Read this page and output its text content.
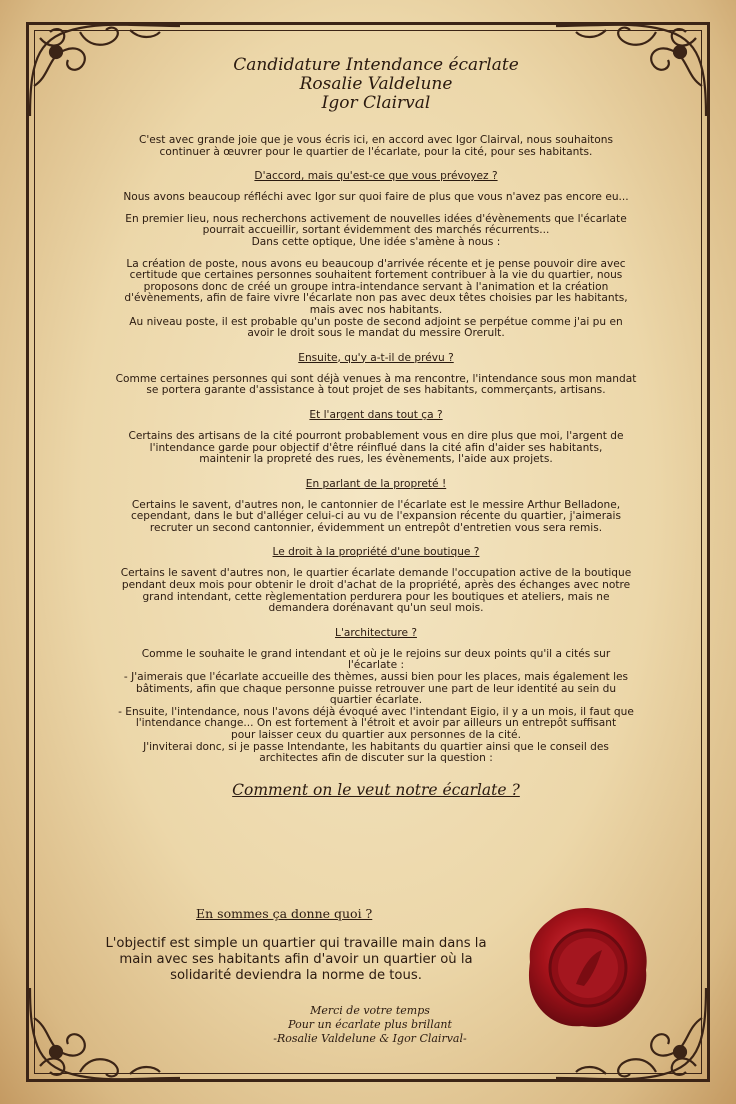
Candidature Intendance écarlate

Rosalie Valdelune

Igor Clairval

C'est avec grande joie que je vous écris ici, en accord avec Igor Clairval, nous souhaitons
continuer à œuvrer pour le quartier de l'écarlate, pour la cité, pour ses habitants.

D'accord, mais qu'est-ce que vous prévoyez ?

Nous avons beaucoup réfléchi avec Igor sur quoi faire de plus que vous n'avez pas encore eu...

En premier lieu, nous recherchons activement de nouvelles idées d'évènements que l'écarlate
pourrait accueillir, sortant évidemment des marchés récurrents...
Dans cette optique, Une idée s'amène à nous :

La création de poste, nous avons eu beaucoup d'arrivée récente et je pense pouvoir dire avec
certitude que certaines personnes souhaitent fortement contribuer à la vie du quartier, nous
proposons donc de créé un groupe intra-intendance servant à l'animation et la création
d'évènements, afin de faire vivre l'écarlate non pas avec deux têtes choisies par les habitants,
mais avec nos habitants.
Au niveau poste, il est probable qu'un poste de second adjoint se perpétue comme j'ai pu en
avoir le droit sous le mandat du messire Orerult.

Ensuite, qu'y a-t-il de prévu ?

Comme certaines personnes qui sont déjà venues à ma rencontre, l'intendance sous mon mandat
se portera garante d'assistance à tout projet de ses habitants, commerçants, artisans.

Et l'argent dans tout ça ?

Certains des artisans de la cité pourront probablement vous en dire plus que moi, l'argent de
l'intendance garde pour objectif d'être réinflué dans la cité afin d'aider ses habitants,
maintenir la propreté des rues, les évènements, l'aide aux projets.

En parlant de la propreté !

Certains le savent, d'autres non, le cantonnier de l'écarlate est le messire Arthur Belladone,
cependant, dans le but d'alléger celui-ci au vu de l'expansion récente du quartier, j'aimerais
recruter un second cantonnier, évidemment un entrepôt d'entretien vous sera remis.

Le droit à la propriété d'une boutique ?

Certains le savent d'autres non, le quartier écarlate demande l'occupation active de la boutique
pendant deux mois pour obtenir le droit d'achat de la propriété, après des échanges avec notre
grand intendant, cette règlementation perdurera pour les boutiques et ateliers, mais ne
demandera dorénavant qu'un seul mois.

L'architecture ?

Comme le souhaite le grand intendant et où je le rejoins sur deux points qu'il a cités sur
l'écarlate :
- J'aimerais que l'écarlate accueille des thèmes, aussi bien pour les places, mais également les
bâtiments, afin que chaque personne puisse retrouver une part de leur identité au sein du
quartier écarlate.
- Ensuite, l'intendance, nous l'avons déjà évoqué avec l'intendant Eigio, il y a un mois, il faut que
l'intendance change... On est fortement à l'étroit et avoir par ailleurs un entrepôt suffisant
pour laisser ceux du quartier aux personnes de la cité.
J'inviterai donc, si je passe Intendante, les habitants du quartier ainsi que le conseil des
architectes afin de discuter sur la question :

Comment on le veut notre écarlate ?

En sommes ça donne quoi ?

L'objectif est simple un quartier qui travaille main dans la
main avec ses habitants afin d'avoir un quartier où la
solidarité deviendra la norme de tous.

Merci de votre temps
Pour un écarlate plus brillant
-Rosalie Valdelune & Igor Clairval-
